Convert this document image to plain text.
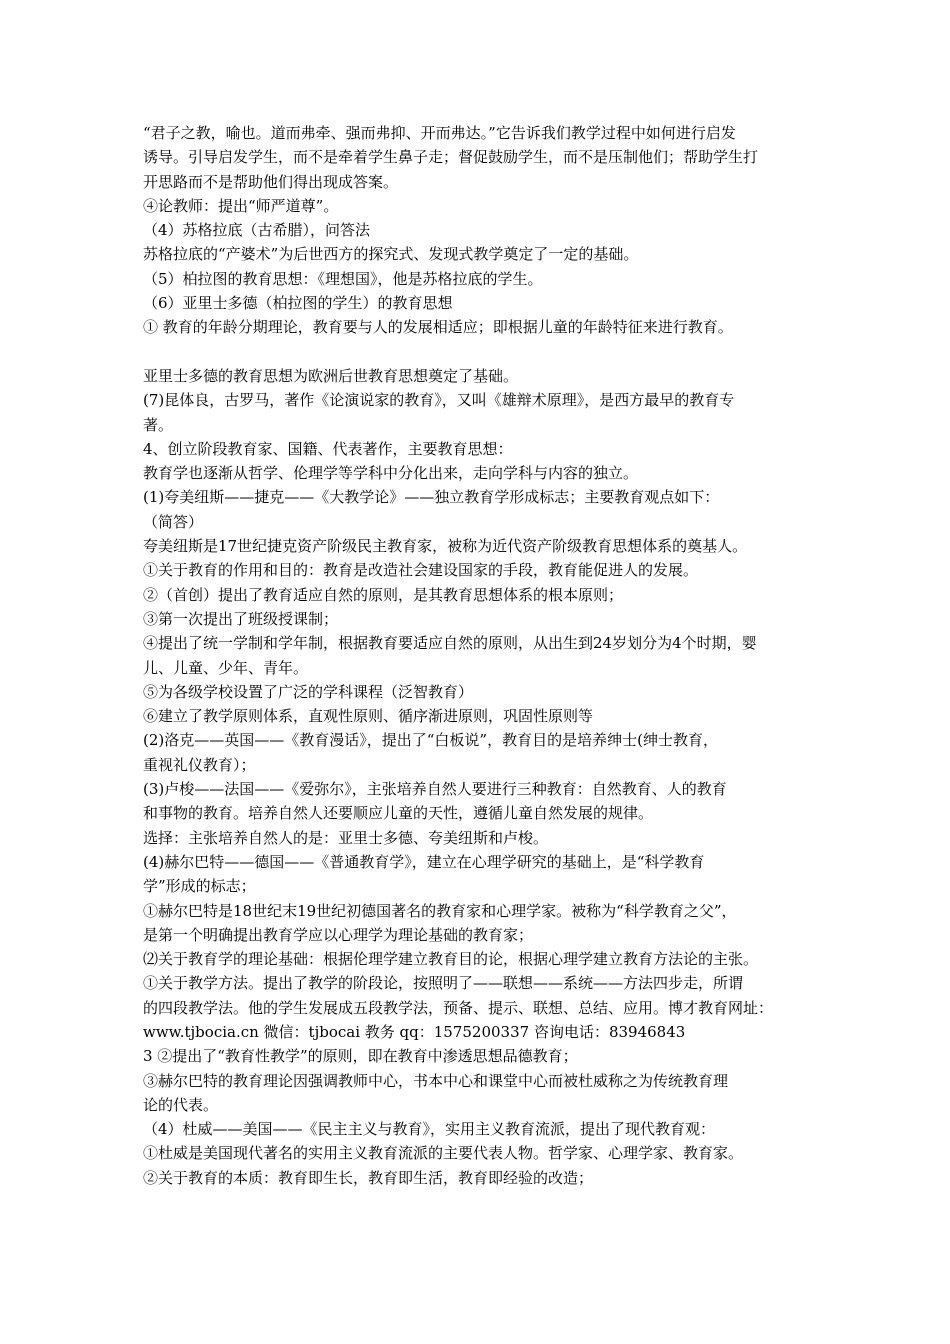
“君子之教，喻也。道而弗牵、强而弗抑、开而弗达。”它告诉我们教学过程中如何进行启发
诱导。引导启发学生，而不是牵着学生鼻子走；督促鼓励学生，而不是压制他们；帮助学生打
开思路而不是帮助他们得出现成答案。
④论教师：提出“师严道尊”。
（4）苏格拉底（古希腊），问答法
苏格拉底的“产婆术”为后世西方的探究式、发现式教学奠定了一定的基础。
（5）柏拉图的教育思想：《理想国》，他是苏格拉底的学生。
（6）亚里士多德（柏拉图的学生）的教育思想
① 教育的年龄分期理论，教育要与人的发展相适应；即根据儿童的年龄特征来进行教育。
亚里士多德的教育思想为欧洲后世教育思想奠定了基础。
(7)昆体良，古罗马，著作《论演说家的教育》，又叫《雄辩术原理》，是西方最早的教育专
著。
4、创立阶段教育家、国籍、代表著作，主要教育思想：
教育学也逐渐从哲学、伦理学等学科中分化出来，走向学科与内容的独立。
(1)夸美纽斯——捷克——《大教学论》——独立教育学形成标志；主要教育观点如下：
（简答）
夸美纽斯是17世纪捷克资产阶级民主教育家，被称为近代资产阶级教育思想体系的奠基人。
①关于教育的作用和目的：教育是改造社会建设国家的手段，教育能促进人的发展。
②（首创）提出了教育适应自然的原则，是其教育思想体系的根本原则；
③第一次提出了班级授课制；
④提出了统一学制和学年制，根据教育要适应自然的原则，从出生到24岁划分为4个时期，婴
儿、儿童、少年、青年。
⑤为各级学校设置了广泛的学科课程（泛智教育）
⑥建立了教学原则体系，直观性原则、循序渐进原则，巩固性原则等
(2)洛克——英国——《教育漫话》，提出了“白板说”，教育目的是培养绅士(绅士教育，
重视礼仪教育）；
(3)卢梭——法国——《爱弥尔》，主张培养自然人要进行三种教育：自然教育、人的教育
和事物的教育。培养自然人还要顺应儿童的天性，遵循儿童自然发展的规律。
选择：主张培养自然人的是：亚里士多德、夸美纽斯和卢梭。
(4)赫尔巴特——德国——《普通教育学》，建立在心理学研究的基础上，是“科学教育
学”形成的标志；
①赫尔巴特是18世纪末19世纪初德国著名的教育家和心理学家。被称为“科学教育之父”，
是第一个明确提出教育学应以心理学为理论基础的教育家；
⑵关于教育学的理论基础：根据伦理学建立教育目的论，根据心理学建立教育方法论的主张。
①关于教学方法。提出了教学的阶段论，按照明了——联想——系统——方法四步走，所谓
的四段教学法。他的学生发展成五段教学法，预备、提示、联想、总结、应用。博才教育网址：
www.tjbocia.cn 微信：tjbocai 教务 qq：1575200337 咨询电话：83946843
3 ②提出了“教育性教学”的原则，即在教育中渗透思想品德教育；
③赫尔巴特的教育理论因强调教师中心，书本中心和课堂中心而被杜威称之为传统教育理
论的代表。
（4）杜威——美国——《民主主义与教育》，实用主义教育流派，提出了现代教育观：
①杜威是美国现代著名的实用主义教育流派的主要代表人物。哲学家、心理学家、教育家。
②关于教育的本质：教育即生长，教育即生活，教育即经验的改造；
